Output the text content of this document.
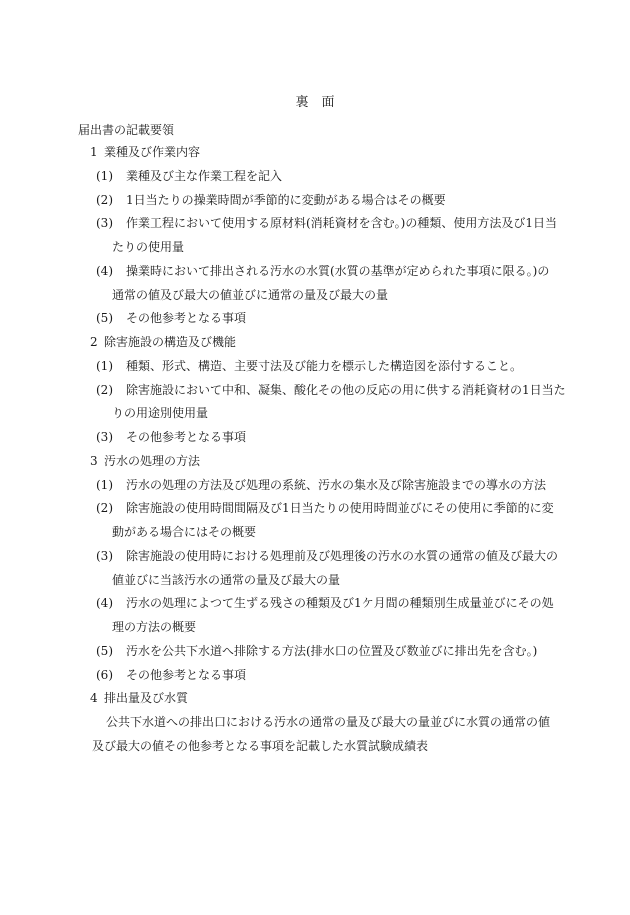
裏　面
届出書の記載要領
1 業種及び作業内容
(1) 業種及び主な作業工程を記入
(2) 1日当たりの操業時間が季節的に変動がある場合はその概要
(3) 作業工程において使用する原材料(消耗資材を含む。)の種類、使用方法及び1日当
たりの使用量
(4) 操業時において排出される汚水の水質(水質の基準が定められた事項に限る。)の
通常の値及び最大の値並びに通常の量及び最大の量
(5) その他参考となる事項
2 除害施設の構造及び機能
(1) 種類、形式、構造、主要寸法及び能力を標示した構造図を添付すること。
(2) 除害施設において中和、凝集、酸化その他の反応の用に供する消耗資材の1日当た
りの用途別使用量
(3) その他参考となる事項
3 汚水の処理の方法
(1) 汚水の処理の方法及び処理の系統、汚水の集水及び除害施設までの導水の方法
(2) 除害施設の使用時間間隔及び1日当たりの使用時間並びにその使用に季節的に変
動がある場合にはその概要
(3) 除害施設の使用時における処理前及び処理後の汚水の水質の通常の値及び最大の
値並びに当該汚水の通常の量及び最大の量
(4) 汚水の処理によつて生ずる残さの種類及び1ケ月間の種類別生成量並びにその処
理の方法の概要
(5) 汚水を公共下水道へ排除する方法(排水口の位置及び数並びに排出先を含む。)
(6) その他参考となる事項
4 排出量及び水質
公共下水道への排出口における汚水の通常の量及び最大の量並びに水質の通常の値
及び最大の値その他参考となる事項を記載した水質試験成績表
